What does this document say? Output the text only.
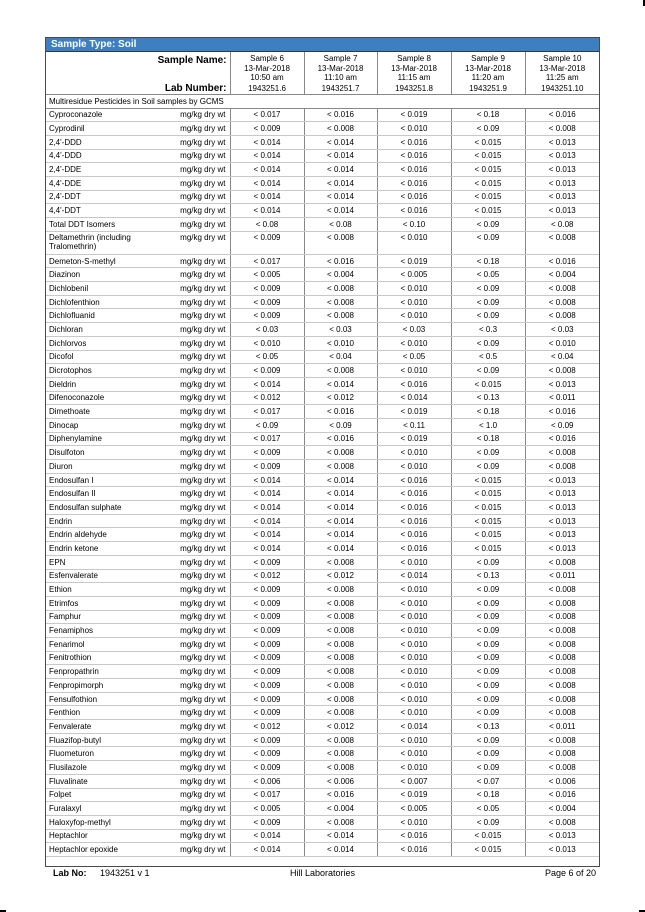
Sample Type: Soil
Sample Name:		Sample 6
13-Mar-2018
10:50 am	Sample 7
13-Mar-2018
11:10 am	Sample 8
13-Mar-2018
11:15 am	Sample 9
13-Mar-2018
11:20 am	Sample 10
13-Mar-2018
11:25 am
Lab Number:		1943251.6	1943251.7	1943251.8	1943251.9	1943251.10
Multiresidue Pesticides in Soil samples by GCMS						
Cyproconazole	mg/kg dry wt	< 0.017	< 0.016	< 0.019	< 0.18	< 0.016
Cyprodinil	mg/kg dry wt	< 0.009	< 0.008	< 0.010	< 0.09	< 0.008
2,4'-DDD	mg/kg dry wt	< 0.014	< 0.014	< 0.016	< 0.015	< 0.013
4,4'-DDD	mg/kg dry wt	< 0.014	< 0.014	< 0.016	< 0.015	< 0.013
2,4'-DDE	mg/kg dry wt	< 0.014	< 0.014	< 0.016	< 0.015	< 0.013
4,4'-DDE	mg/kg dry wt	< 0.014	< 0.014	< 0.016	< 0.015	< 0.013
2,4'-DDT	mg/kg dry wt	< 0.014	< 0.014	< 0.016	< 0.015	< 0.013
4,4'-DDT	mg/kg dry wt	< 0.014	< 0.014	< 0.016	< 0.015	< 0.013
Total DDT Isomers	mg/kg dry wt	< 0.08	< 0.08	< 0.10	< 0.09	< 0.08
Deltamethrin (including Tralomethrin)	mg/kg dry wt	< 0.009	< 0.008	< 0.010	< 0.09	< 0.008
Demeton-S-methyl	mg/kg dry wt	< 0.017	< 0.016	< 0.019	< 0.18	< 0.016
Diazinon	mg/kg dry wt	< 0.005	< 0.004	< 0.005	< 0.05	< 0.004
Dichlobenil	mg/kg dry wt	< 0.009	< 0.008	< 0.010	< 0.09	< 0.008
Dichlofenthion	mg/kg dry wt	< 0.009	< 0.008	< 0.010	< 0.09	< 0.008
Dichlofluanid	mg/kg dry wt	< 0.009	< 0.008	< 0.010	< 0.09	< 0.008
Dichloran	mg/kg dry wt	< 0.03	< 0.03	< 0.03	< 0.3	< 0.03
Dichlorvos	mg/kg dry wt	< 0.010	< 0.010	< 0.010	< 0.09	< 0.010
Dicofol	mg/kg dry wt	< 0.05	< 0.04	< 0.05	< 0.5	< 0.04
Dicrotophos	mg/kg dry wt	< 0.009	< 0.008	< 0.010	< 0.09	< 0.008
Dieldrin	mg/kg dry wt	< 0.014	< 0.014	< 0.016	< 0.015	< 0.013
Difenoconazole	mg/kg dry wt	< 0.012	< 0.012	< 0.014	< 0.13	< 0.011
Dimethoate	mg/kg dry wt	< 0.017	< 0.016	< 0.019	< 0.18	< 0.016
Dinocap	mg/kg dry wt	< 0.09	< 0.09	< 0.11	< 1.0	< 0.09
Diphenylamine	mg/kg dry wt	< 0.017	< 0.016	< 0.019	< 0.18	< 0.016
Disulfoton	mg/kg dry wt	< 0.009	< 0.008	< 0.010	< 0.09	< 0.008
Diuron	mg/kg dry wt	< 0.009	< 0.008	< 0.010	< 0.09	< 0.008
Endosulfan I	mg/kg dry wt	< 0.014	< 0.014	< 0.016	< 0.015	< 0.013
Endosulfan II	mg/kg dry wt	< 0.014	< 0.014	< 0.016	< 0.015	< 0.013
Endosulfan sulphate	mg/kg dry wt	< 0.014	< 0.014	< 0.016	< 0.015	< 0.013
Endrin	mg/kg dry wt	< 0.014	< 0.014	< 0.016	< 0.015	< 0.013
Endrin aldehyde	mg/kg dry wt	< 0.014	< 0.014	< 0.016	< 0.015	< 0.013
Endrin ketone	mg/kg dry wt	< 0.014	< 0.014	< 0.016	< 0.015	< 0.013
EPN	mg/kg dry wt	< 0.009	< 0.008	< 0.010	< 0.09	< 0.008
Esfenvalerate	mg/kg dry wt	< 0.012	< 0.012	< 0.014	< 0.13	< 0.011
Ethion	mg/kg dry wt	< 0.009	< 0.008	< 0.010	< 0.09	< 0.008
Etrimfos	mg/kg dry wt	< 0.009	< 0.008	< 0.010	< 0.09	< 0.008
Famphur	mg/kg dry wt	< 0.009	< 0.008	< 0.010	< 0.09	< 0.008
Fenamiphos	mg/kg dry wt	< 0.009	< 0.008	< 0.010	< 0.09	< 0.008
Fenarimol	mg/kg dry wt	< 0.009	< 0.008	< 0.010	< 0.09	< 0.008
Fenitrothion	mg/kg dry wt	< 0.009	< 0.008	< 0.010	< 0.09	< 0.008
Fenpropathrin	mg/kg dry wt	< 0.009	< 0.008	< 0.010	< 0.09	< 0.008
Fenpropimorph	mg/kg dry wt	< 0.009	< 0.008	< 0.010	< 0.09	< 0.008
Fensulfothion	mg/kg dry wt	< 0.009	< 0.008	< 0.010	< 0.09	< 0.008
Fenthion	mg/kg dry wt	< 0.009	< 0.008	< 0.010	< 0.09	< 0.008
Fenvalerate	mg/kg dry wt	< 0.012	< 0.012	< 0.014	< 0.13	< 0.011
Fluazifop-butyl	mg/kg dry wt	< 0.009	< 0.008	< 0.010	< 0.09	< 0.008
Fluometuron	mg/kg dry wt	< 0.009	< 0.008	< 0.010	< 0.09	< 0.008
Flusilazole	mg/kg dry wt	< 0.009	< 0.008	< 0.010	< 0.09	< 0.008
Fluvalinate	mg/kg dry wt	< 0.006	< 0.006	< 0.007	< 0.07	< 0.006
Folpet	mg/kg dry wt	< 0.017	< 0.016	< 0.019	< 0.18	< 0.016
Furalaxyl	mg/kg dry wt	< 0.005	< 0.004	< 0.005	< 0.05	< 0.004
Haloxyfop-methyl	mg/kg dry wt	< 0.009	< 0.008	< 0.010	< 0.09	< 0.008
Heptachlor	mg/kg dry wt	< 0.014	< 0.014	< 0.016	< 0.015	< 0.013
Heptachlor epoxide	mg/kg dry wt	< 0.014	< 0.014	< 0.016	< 0.015	< 0.013
Lab No: 1943251 v 1	Hill Laboratories	Page 6 of 20
